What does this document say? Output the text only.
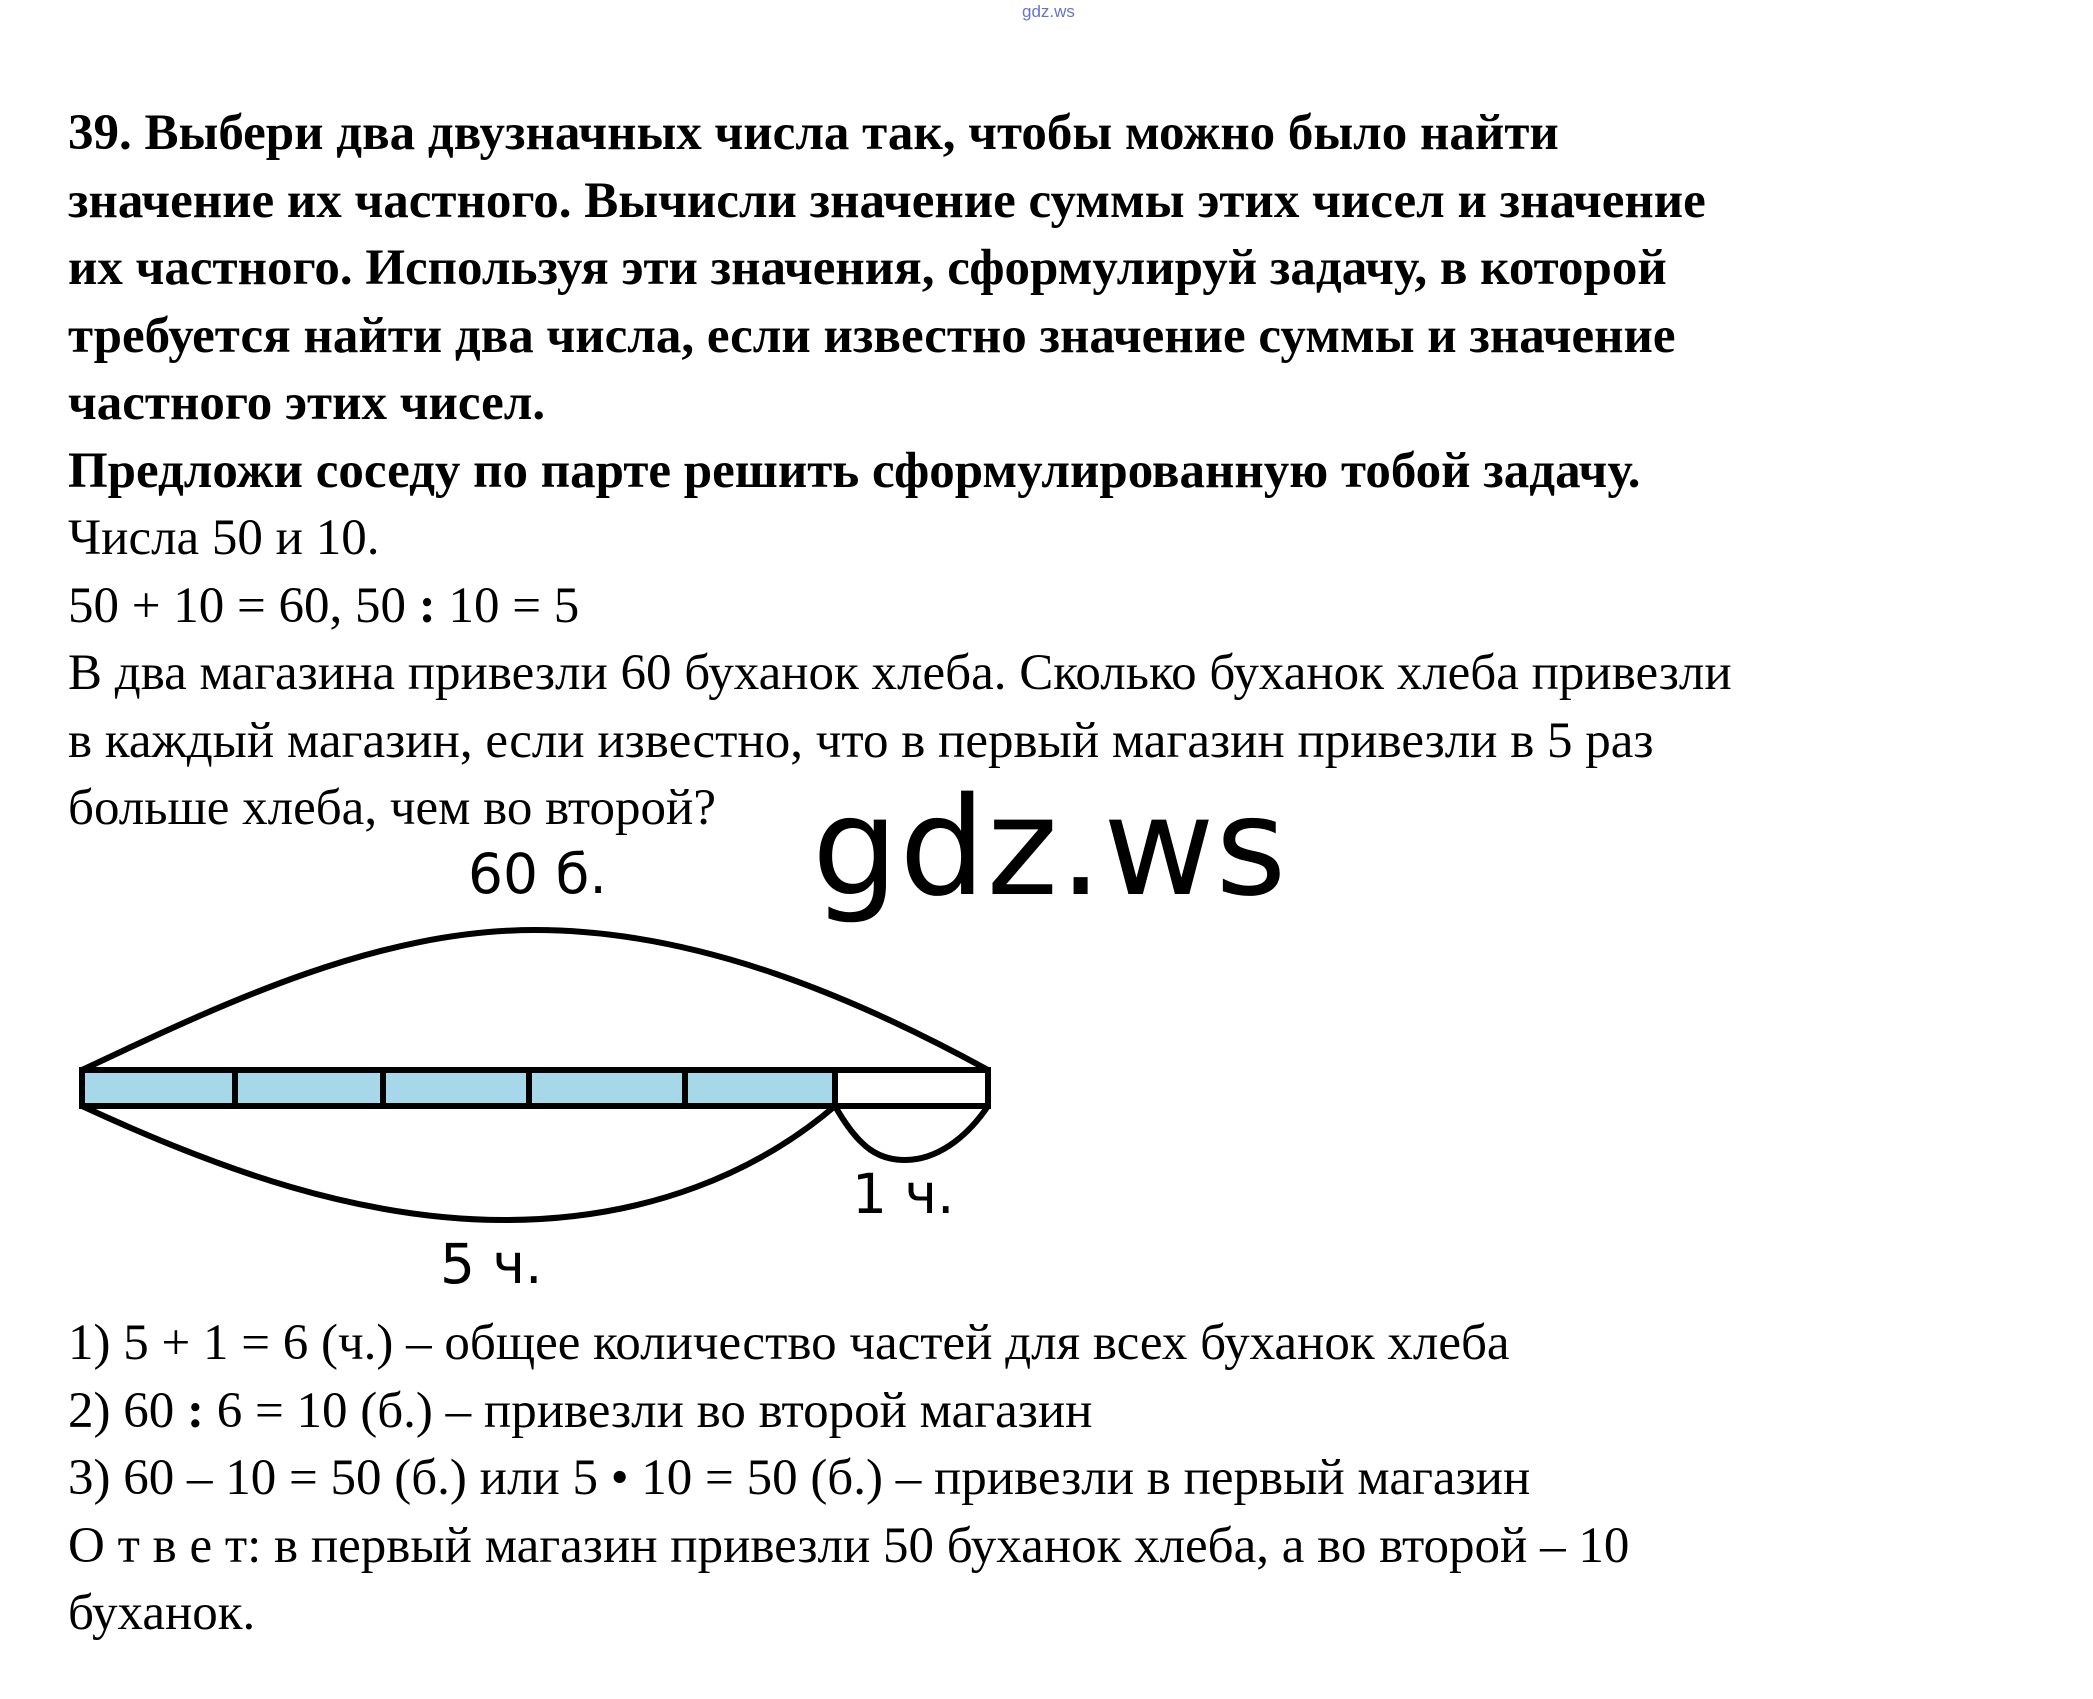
gdz.ws

39. Выбери два двузначных числа так, чтобы можно было найти

значение их частного. Вычисли значение суммы этих чисел и значение

их частного. Используя эти значения, сформулируй задачу, в которой

требуется найти два числа, если известно значение суммы и значение

частного этих чисел.

Предложи соседу по парте решить сформулированную тобой задачу.

Числа 50 и 10.

50 + 10 = 60, 50 : 10 = 5

В два магазина привезли 60 буханок хлеба. Сколько буханок хлеба привезли

в каждый магазин, если известно, что в первый магазин привезли в 5 раз

больше хлеба, чем во второй?

60 б.
5 ч.
1 ч.
gdz.ws

1) 5 + 1 = 6 (ч.) – общее количество частей для всех буханок хлеба

2) 60 : 6 = 10 (б.) – привезли во второй магазин

3) 60 – 10 = 50 (б.) или 5 • 10 = 50 (б.) – привезли в первый магазин

О т в е т: в первый магазин привезли 50 буханок хлеба, а во второй – 10

буханок.
